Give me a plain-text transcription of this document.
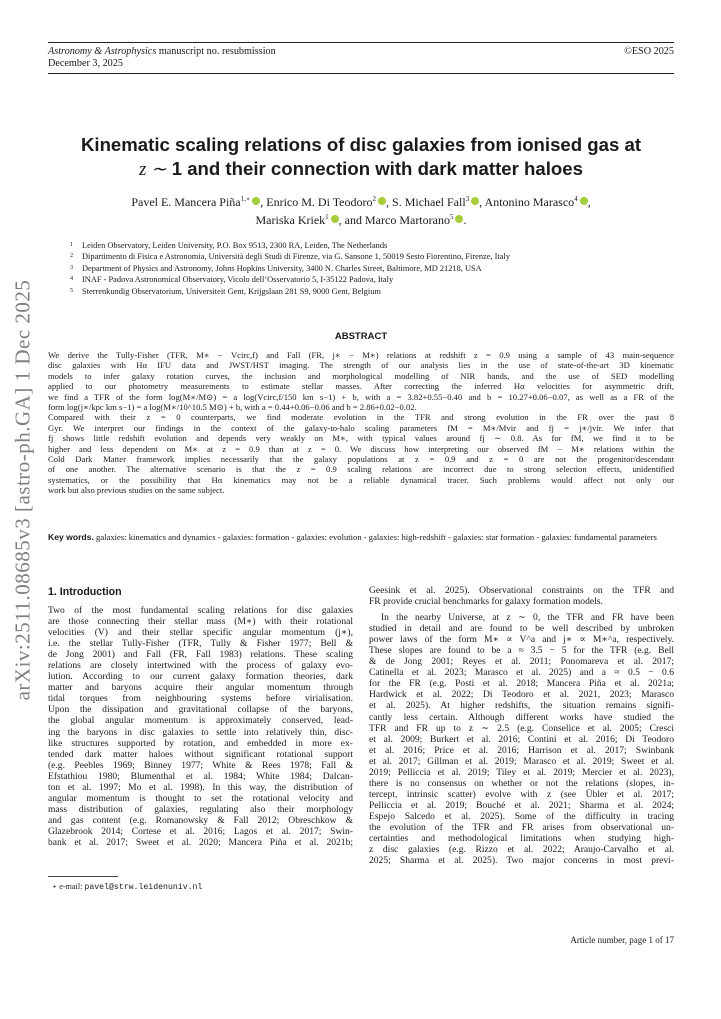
Astronomy & Astrophysics manuscript no. resubmission
December 3, 2025
©ESO 2025
arXiv:2511.08685v3 [astro-ph.GA] 1 Dec 2025
Kinematic scaling relations of disc galaxies from ionised gas at
z ∼ 1 and their connection with dark matter haloes
Pavel E. Mancera Piña$^{1,⋆}$ , Enrico M. Di Teodoro$^2$ , S. Michael Fall$^3$ , Antonino Marasco$^4$ ,
Mariska Kriek$^1$ , and Marco Martorano$^5$ .
1 Leiden Observatory, Leiden University, P.O. Box 9513, 2300 RA, Leiden, The Netherlands
2 Dipartimento di Fisica e Astronomia, Università degli Studi di Firenze, via G. Sansone 1, 50019 Sesto Fiorentino, Firenze, Italy
3 Department of Physics and Astronomy, Johns Hopkins University, 3400 N. Charles Street, Baltimore, MD 21218, USA
4 INAF - Padova Astronomical Observatory, Vicolo dell’Osservatorio 5, I-35122 Padova, Italy
5 Sterrenkundig Observatorium, Universiteit Gent, Krijgslaan 281 S9, 9000 Gent, Belgium
ABSTRACT
We derive the Tully-Fisher (TFR, M∗ − Vcirc,f) and Fall (FR, j∗ − M∗) relations at redshift z = 0.9 using a sample of 43 main-sequence
disc galaxies with Hα IFU data and JWST/HST imaging. The strength of our analysis lies in the use of state-of-the-art 3D kinematic
models to infer galaxy rotation curves, the inclusion and morphological modelling of NIR bands, and the use of SED modelling
applied to our photometry measurements to estimate stellar masses. After correcting the inferred Hα velocities for asymmetric drift,
we find a TFR of the form log(M∗/M⊙) = a log(Vcirc,f/150 km s−1) + b, with a = 3.82+0.55−0.40 and b = 10.27+0.06−0.07, as well as a FR of the
form log(j∗/kpc km s−1) = a log(M∗/10^10.5 M⊙) + b, with a = 0.44+0.06−0.06 and b = 2.86+0.02−0.02.
Compared with their z = 0 counterparts, we find moderate evolution in the TFR and strong evolution in the FR over the past 8
Gyr. We interpret our findings in the context of the galaxy-to-halo scaling parameters fM = M∗/Mvir and fj = j∗/jvir. We infer that
fj shows little redshift evolution and depends very weakly on M∗, with typical values around fj ∼ 0.8. As for fM, we find it to be
higher and less dependent on M∗ at z = 0.9 than at z = 0. We discuss how interpreting our observed fM − M∗ relations within the
Cold Dark Matter framework implies necessarily that the galaxy populations at z = 0.9 and z = 0 are not the progenitor/descendant
of one another. The alternative scenario is that the z = 0.9 scaling relations are incorrect due to strong selection effects, unidentified
systematics, or the possibility that Hα kinematics may not be a reliable dynamical tracer. Such problems would affect not only our
work but also previous studies on the same subject.
Key words. galaxies: kinematics and dynamics - galaxies: formation - galaxies: evolution - galaxies: high-redshift - galaxies: star formation - galaxies: fundamental parameters
1. Introduction
Two of the most fundamental scaling relations for disc galaxies
are those connecting their stellar mass (M∗) with their rotational
velocities (V) and their stellar specific angular momentum (j∗),
i.e. the stellar Tully-Fisher (TFR, Tully & Fisher 1977; Bell &
de Jong 2001) and Fall (FR, Fall 1983) relations. These scaling
relations are closely intertwined with the process of galaxy evo-
lution. According to our current galaxy formation theories, dark
matter and baryons acquire their angular momentum through
tidal torques from neighbouring systems before virialisation.
Upon the dissipation and gravitational collapse of the baryons,
the global angular momentum is approximately conserved, lead-
ing the baryons in disc galaxies to settle into relatively thin, disc-
like structures supported by rotation, and embedded in more ex-
tended dark matter haloes without significant rotational support
(e.g. Peebles 1969; Binney 1977; White & Rees 1978; Fall &
Efstathiou 1980; Blumenthal et al. 1984; White 1984; Dalcan-
ton et al. 1997; Mo et al. 1998). In this way, the distribution of
angular momentum is thought to set the rotational velocity and
mass distribution of galaxies, regulating also their morphology
and gas content (e.g. Romanowsky & Fall 2012; Obreschkow &
Glazebrook 2014; Cortese et al. 2016; Lagos et al. 2017; Swin-
bank et al. 2017; Sweet et al. 2020; Mancera Piña et al. 2021b;
Geesink et al. 2025). Observational constraints on the TFR and
FR provide crucial benchmarks for galaxy formation models.
In the nearby Universe, at z ∼ 0, the TFR and FR have been
studied in detail and are found to be well described by unbroken
power laws of the form M∗ ∝ V^a and j∗ ∝ M∗^a, respectively.
These slopes are found to be a ≈ 3.5 − 5 for the TFR (e.g. Bell
& de Jong 2001; Reyes et al. 2011; Ponomareva et al. 2017;
Catinella et al. 2023; Marasco et al. 2025) and a ≈ 0.5 − 0.6
for the FR (e.g. Posti et al. 2018; Mancera Piña et al. 2021a;
Hardwick et al. 2022; Di Teodoro et al. 2021, 2023; Marasco
et al. 2025). At higher redshifts, the situation remains signifi-
cantly less certain. Although different works have studied the
TFR and FR up to z ∼ 2.5 (e.g. Conselice et al. 2005; Cresci
et al. 2009; Burkert et al. 2016; Contini et al. 2016; Di Teodoro
et al. 2016; Price et al. 2016; Harrison et al. 2017; Swinbank
et al. 2017; Gillman et al. 2019; Marasco et al. 2019; Sweet et al.
2019; Pelliccia et al. 2019; Tiley et al. 2019; Mercier et al. 2023),
there is no consensus on whether or not the relations (slopes, in-
tercept, intrinsic scatter) evolve with z (see Übler et al. 2017;
Pelliccia et al. 2019; Bouché et al. 2021; Sharma et al. 2024;
Espejo Salcedo et al. 2025). Some of the difficulty in tracing
the evolution of the TFR and FR arises from observational un-
certainties and methodological limitations when studying high-
z disc galaxies (e.g. Rizzo et al. 2022; Araujo-Carvalho et al.
2025; Sharma et al. 2025). Two major concerns in most previ-
⋆ e-mail: pavel@strw.leidenuniv.nl
Article number, page 1 of 17
